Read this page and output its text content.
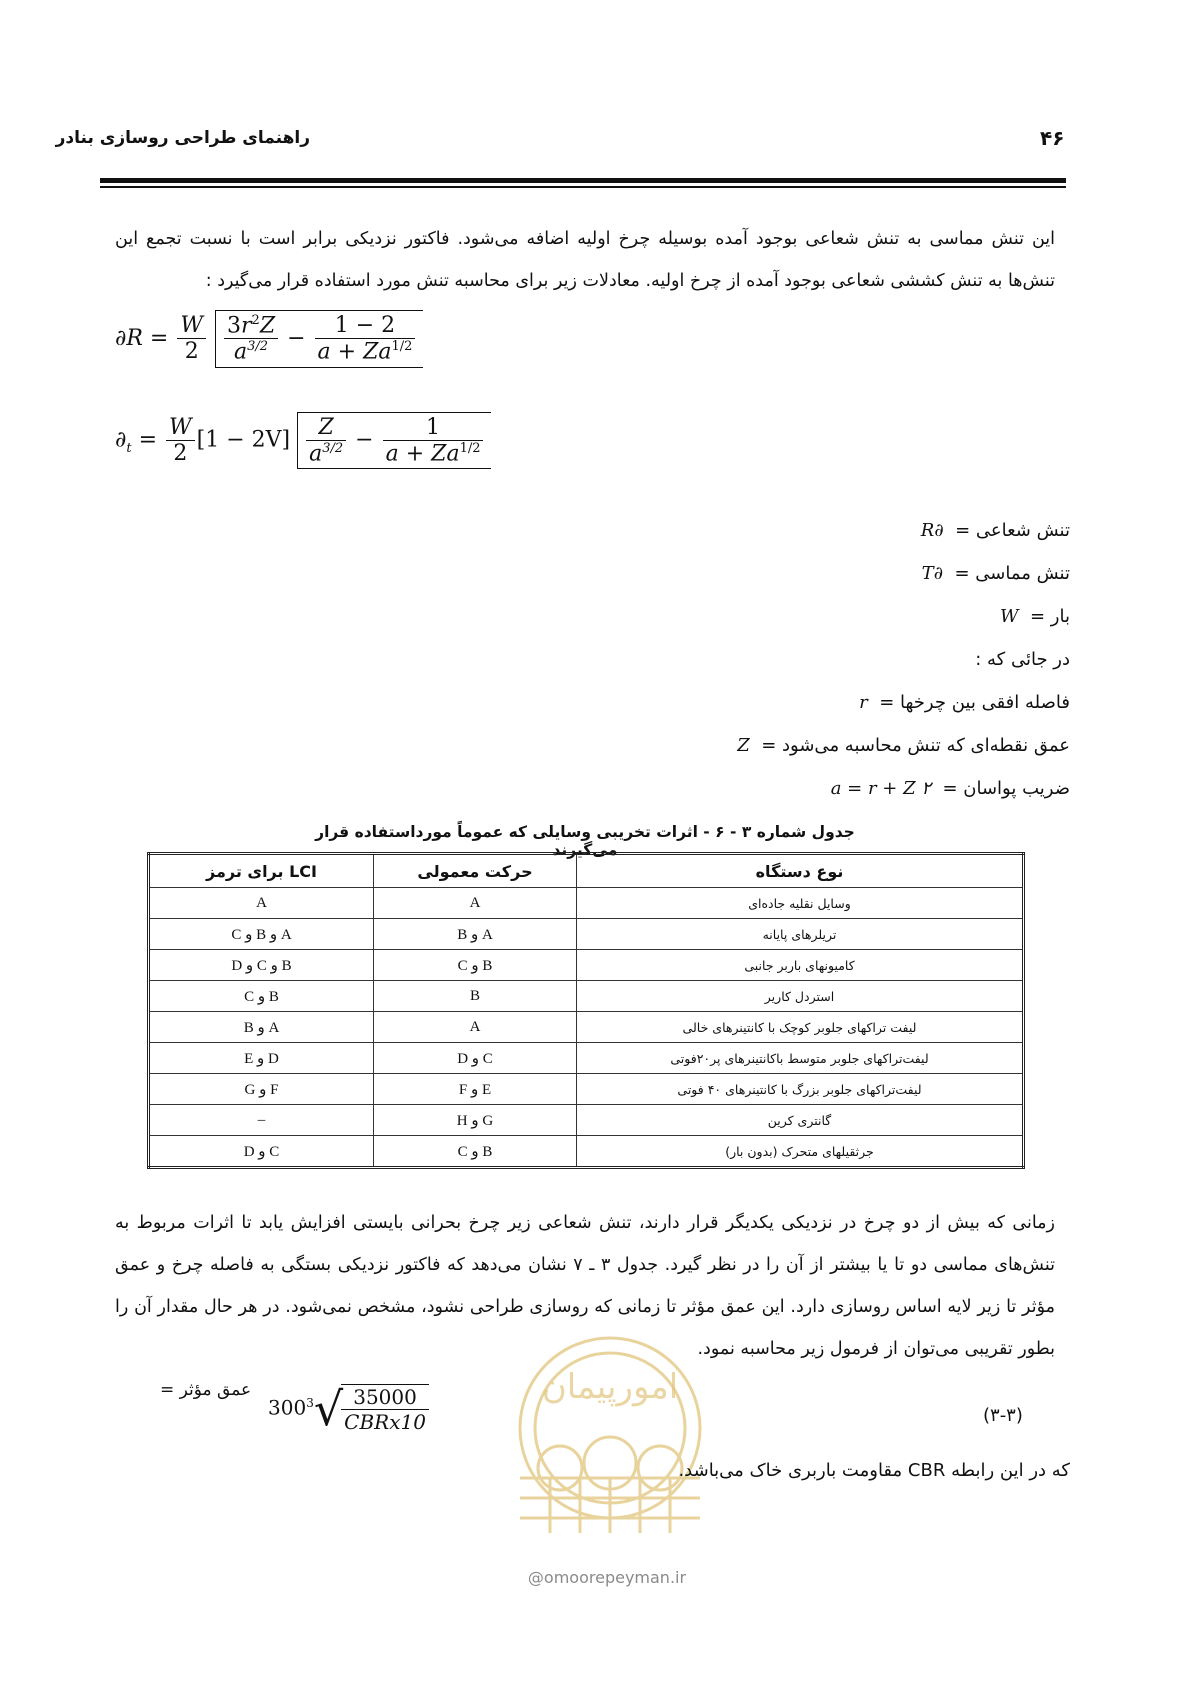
راهنمای طراحی روسازی بنادر	۴۶
این تنش مماسی به تنش شعاعی بوجود آمده بوسیله چرخ اولیه اضافه می‌شود. فاکتور نزدیکی برابر است با نسبت تجمع این تنش‌ها به تنش کششی شعاعی بوجود آمده از چرخ اولیه. معادلات زیر برای محاسبه تنش مورد استفاده قرار می‌گیرد :
$\partial R = \frac{W}{2}$
$\frac{3r^2Z}{a^{3/2}} - \frac{1 - 2}{a + Za^{1/2}}$
$\partial_t = \frac{W}{2} [1 - 2V] \frac{Z}{a^{3/2}} - \frac{1}{a + Za^{1/2}}$
تنش شعاعی =  ∂R
تنش مماسی =  ∂T
بار =  W
در جائی که :
فاصله افقی بین چرخها =  r
عمق نقطه‌ای که تنش محاسبه می‌شود =  Z
ضریب پواسان =  a = r + Z ۲
جدول شماره ۳ - ۶ - اثرات تخریبی وسایلی که عموماً مورداستفاده قرار می‌گیرند
نوع دستگاه	حرکت معمولی	LCI برای ترمز
وسایل نقلیه جاده‌ای	A	A
تریلرهای پایانه	A و B	A و B و C
کامیونهای باربر جانبی	B و C	B و C و D
استردل کاریر	B	B و C
لیفت تراکهای جلوبر کوچک با کانتینرهای خالی	A	A و B
لیفت‌تراکهای جلوبر متوسط باکانتینرهای پر۲۰فوتی	C و D	D و E
لیفت‌تراکهای جلوبر بزرگ با کانتینرهای ۴۰ فوتی	E و F	F و G
گانتری کرین	G و H	–
جرثقیلهای متحرک (بدون بار)	B و C	C و D
زمانی که بیش از دو چرخ در نزدیکی یکدیگر قرار دارند، تنش شعاعی زیر چرخ بحرانی بایستی افزایش یابد تا اثرات مربوط به تنش‌های مماسی دو تا یا بیشتر از آن را در نظر گیرد. جدول ۳ ـ ۷ نشان می‌دهد که فاکتور نزدیکی بستگی به فاصله چرخ و عمق مؤثر تا زیر لایه اساس روسازی دارد. این عمق مؤثر تا زمانی که روسازی طراحی نشود، مشخص نمی‌شود. در هر حال مقدار آن را بطور تقریبی می‌توان از فرمول زیر محاسبه نمود.
امورپیمان
@omoorepeyman.ir
عمق مؤثر =
$300^3√$
$\frac{35000}{\text{CBRx10}}$	(۳-۳)
که در این رابطه CBR مقاومت باربری خاک می‌باشد.
